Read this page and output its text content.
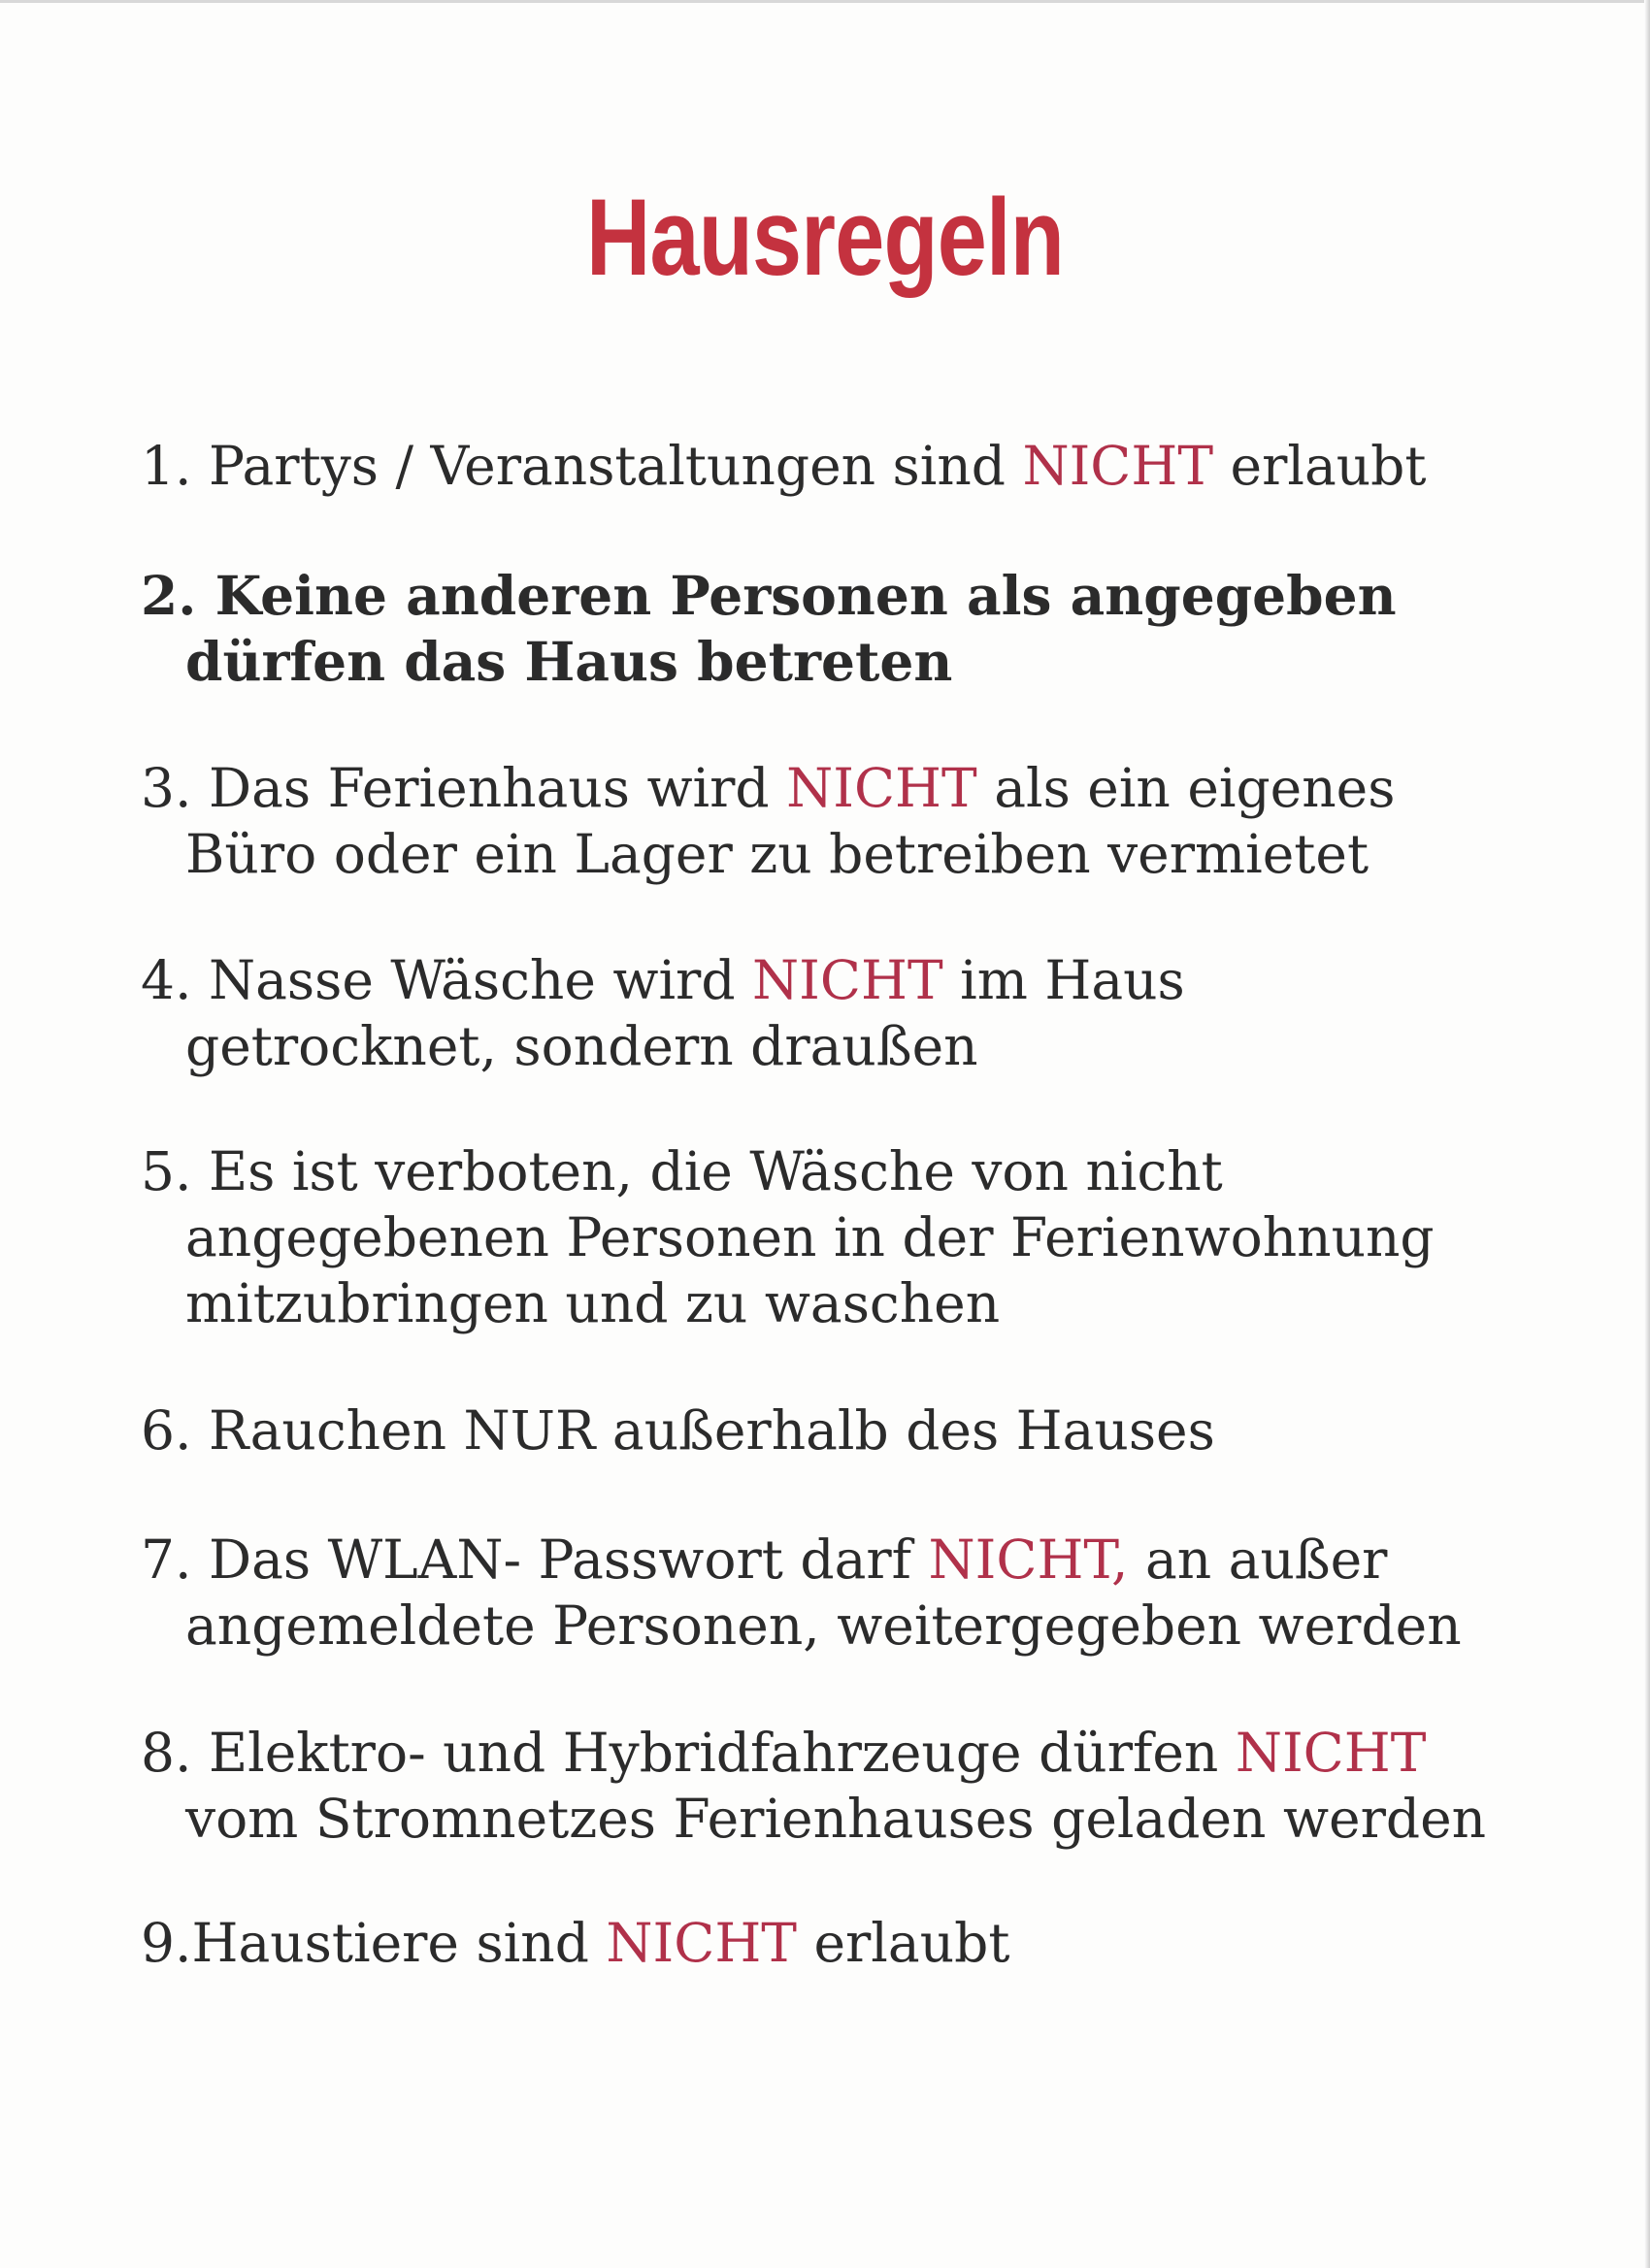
Hausregeln
1. Partys / Veranstaltungen sind NICHT erlaubt
2. Keine anderen Personen als angegeben
dürfen das Haus betreten
3. Das Ferienhaus wird NICHT als ein eigenes
Büro oder ein Lager zu betreiben vermietet
4. Nasse Wäsche wird NICHT im Haus
getrocknet, sondern draußen
5. Es ist verboten, die Wäsche von nicht
angegebenen Personen in der Ferienwohnung
mitzubringen und zu waschen
6. Rauchen NUR außerhalb des Hauses
7. Das WLAN- Passwort darf NICHT, an außer
angemeldete Personen, weitergegeben werden
8. Elektro- und Hybridfahrzeuge dürfen NICHT
vom Stromnetzes Ferienhauses geladen werden
9.Haustiere sind NICHT erlaubt
